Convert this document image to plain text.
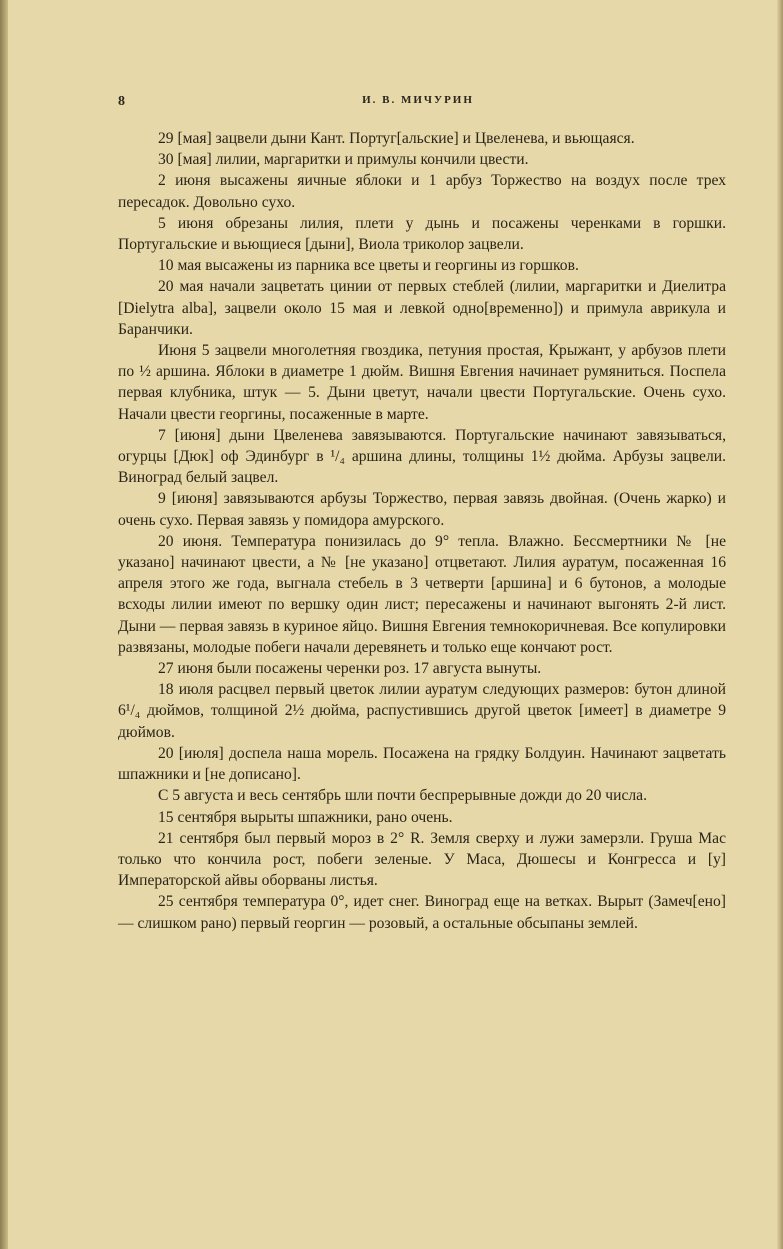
8	И. В. МИЧУРИН

29 [мая] зацвели дыни Кант. Португ[альские] и Цвеленева, и вьющаяся.

30 [мая] лилии, маргаритки и примулы кончили цвести.

2 июня высажены яичные яблоки и 1 арбуз Торжество на воздух после трех пересадок. Довольно сухо.

5 июня обрезаны лилия, плети у дынь и посажены черенками в горшки. Португальские и вьющиеся [дыни], Виола триколор зацвели.

10 мая высажены из парника все цветы и георгины из горшков.

20 мая начали зацветать цинии от первых стеблей (лилии, маргаритки и Диелитра [Dielytra alba], зацвели около 15 мая и левкой одно[временно]) и примула аврикула и Баранчики.

Июня 5 зацвели многолетняя гвоздика, петуния простая, Крыжант, у арбузов плети по ½ аршина. Яблоки в диаметре 1 дюйм. Вишня Евгения начинает румяниться. Поспела первая клубника, штук — 5. Дыни цветут, начали цвести Португальские. Очень сухо. Начали цвести георгины, посаженные в марте.

7 [июня] дыни Цвеленева завязываются. Португальские начинают завязываться, огурцы [Дюк] оф Эдинбург в ¹/₄ аршина длины, толщины 1½ дюйма. Арбузы зацвели. Виноград белый зацвел.

9 [июня] завязываются арбузы Торжество, первая завязь двойная. (Очень жарко) и очень сухо. Первая завязь у помидора амурского.

20 июня. Температура понизилась до 9° тепла. Влажно. Бессмертники № [не указано] начинают цвести, а № [не указано] отцветают. Лилия ауратум, посаженная 16 апреля этого же года, выгнала стебель в 3 четверти [аршина] и 6 бутонов, а молодые всходы лилии имеют по вершку один лист; пересажены и начинают выгонять 2-й лист. Дыни — первая завязь в куриное яйцо. Вишня Евгения темнокоричневая. Все копулировки развязаны, молодые побеги начали деревянеть и только еще кончают рост.

27 июня были посажены черенки роз. 17 августа вынуты.

18 июля расцвел первый цветок лилии ауратум следующих размеров: бутон длиной 6¹/₄ дюймов, толщиной 2½ дюйма, распустившись другой цветок [имеет] в диаметре 9 дюймов.

20 [июля] доспела наша морель. Посажена на грядку Болдуин. Начинают зацветать шпажники и [не дописано].

С 5 августа и весь сентябрь шли почти беспрерывные дожди до 20 числа.

15 сентября вырыты шпажники, рано очень.

21 сентября был первый мороз в 2° R. Земля сверху и лужи замерзли. Груша Мас только что кончила рост, побеги зеленые. У Маса, Дюшесы и Конгресса и [у] Императорской айвы оборваны листья.

25 сентября температура 0°, идет снег. Виноград еще на ветках. Вырыт (Замеч[ено] — слишком рано) первый георгин — розовый, а остальные обсыпаны землей.
